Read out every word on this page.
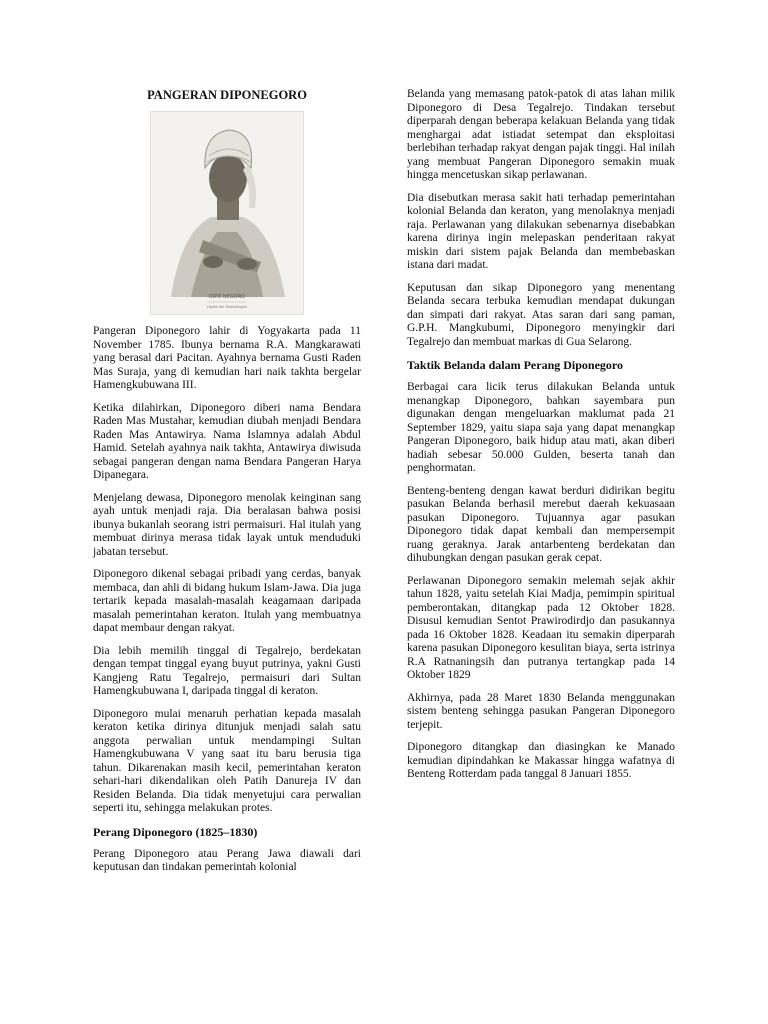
PANGERAN DIPONEGORO
DIPO NEGORO
Hoofd der Muitelingen

Pangeran Diponegoro lahir di Yogyakarta pada 11 November 1785. Ibunya bernama R.A. Mangkarawati yang berasal dari Pacitan. Ayahnya bernama Gusti Raden Mas Suraja, yang di kemudian hari naik takhta bergelar Hamengkubuwana III.

Ketika dilahirkan, Diponegoro diberi nama Bendara Raden Mas Mustahar, kemudian diubah menjadi Bendara Raden Mas Antawirya. Nama Islamnya adalah Abdul Hamid. Setelah ayahnya naik takhta, Antawirya diwisuda sebagai pangeran dengan nama Bendara Pangeran Harya Dipanegara.

Menjelang dewasa, Diponegoro menolak keinginan sang ayah untuk menjadi raja. Dia beralasan bahwa posisi ibunya bukanlah seorang istri permaisuri. Hal itulah yang membuat dirinya merasa tidak layak untuk menduduki jabatan tersebut.

Diponegoro dikenal sebagai pribadi yang cerdas, banyak membaca, dan ahli di bidang hukum Islam-Jawa. Dia juga tertarik kepada masalah-masalah keagamaan daripada masalah pemerintahan keraton. Itulah yang membuatnya dapat membaur dengan rakyat.

Dia lebih memilih tinggal di Tegalrejo, berdekatan dengan tempat tinggal eyang buyut putrinya, yakni Gusti Kangjeng Ratu Tegalrejo, permaisuri dari Sultan Hamengkubuwana I, daripada tinggal di keraton.

Diponegoro mulai menaruh perhatian kepada masalah keraton ketika dirinya ditunjuk menjadi salah satu anggota perwalian untuk mendampingi Sultan Hamengkubuwana V yang saat itu baru berusia tiga tahun. Dikarenakan masih kecil, pemerintahan keraton sehari-hari dikendalikan oleh Patih Danureja IV dan Residen Belanda. Dia tidak menyetujui cara perwalian seperti itu, sehingga melakukan protes.

Perang Diponegoro (1825–1830)

Perang Diponegoro atau Perang Jawa diawali dari keputusan dan tindakan pemerintah kolonial

Belanda yang memasang patok-patok di atas lahan milik Diponegoro di Desa Tegalrejo. Tindakan tersebut diperparah dengan beberapa kelakuan Belanda yang tidak menghargai adat istiadat setempat dan eksploitasi berlebihan terhadap rakyat dengan pajak tinggi. Hal inilah yang membuat Pangeran Diponegoro semakin muak hingga mencetuskan sikap perlawanan.

Dia disebutkan merasa sakit hati terhadap pemerintahan kolonial Belanda dan keraton, yang menolaknya menjadi raja. Perlawanan yang dilakukan sebenarnya disebabkan karena dirinya ingin melepaskan penderitaan rakyat miskin dari sistem pajak Belanda dan membebaskan istana dari madat.

Keputusan dan sikap Diponegoro yang menentang Belanda secara terbuka kemudian mendapat dukungan dan simpati dari rakyat. Atas saran dari sang paman, G.P.H. Mangkubumi, Diponegoro menyingkir dari Tegalrejo dan membuat markas di Gua Selarong.

Taktik Belanda dalam Perang Diponegoro

Berbagai cara licik terus dilakukan Belanda untuk menangkap Diponegoro, bahkan sayembara pun digunakan dengan mengeluarkan maklumat pada 21 September 1829, yaitu siapa saja yang dapat menangkap Pangeran Diponegoro, baik hidup atau mati, akan diberi hadiah sebesar 50.000 Gulden, beserta tanah dan penghormatan.

Benteng-benteng dengan kawat berduri didirikan begitu pasukan Belanda berhasil merebut daerah kekuasaan pasukan Diponegoro. Tujuannya agar pasukan Diponegoro tidak dapat kembali dan mempersempit ruang geraknya. Jarak antarbenteng berdekatan dan dihubungkan dengan pasukan gerak cepat.

Perlawanan Diponegoro semakin melemah sejak akhir tahun 1828, yaitu setelah Kiai Madja, pemimpin spiritual pemberontakan, ditangkap pada 12 Oktober 1828. Disusul kemudian Sentot Prawirodirdjo dan pasukannya pada 16 Oktober 1828. Keadaan itu semakin diperparah karena pasukan Diponegoro kesulitan biaya, serta istrinya R.A Ratnaningsih dan putranya tertangkap pada 14 Oktober 1829

Akhirnya, pada 28 Maret 1830 Belanda menggunakan sistem benteng sehingga pasukan Pangeran Diponegoro terjepit.

Diponegoro ditangkap dan diasingkan ke Manado kemudian dipindahkan ke Makassar hingga wafatnya di Benteng Rotterdam pada tanggal 8 Januari 1855.
